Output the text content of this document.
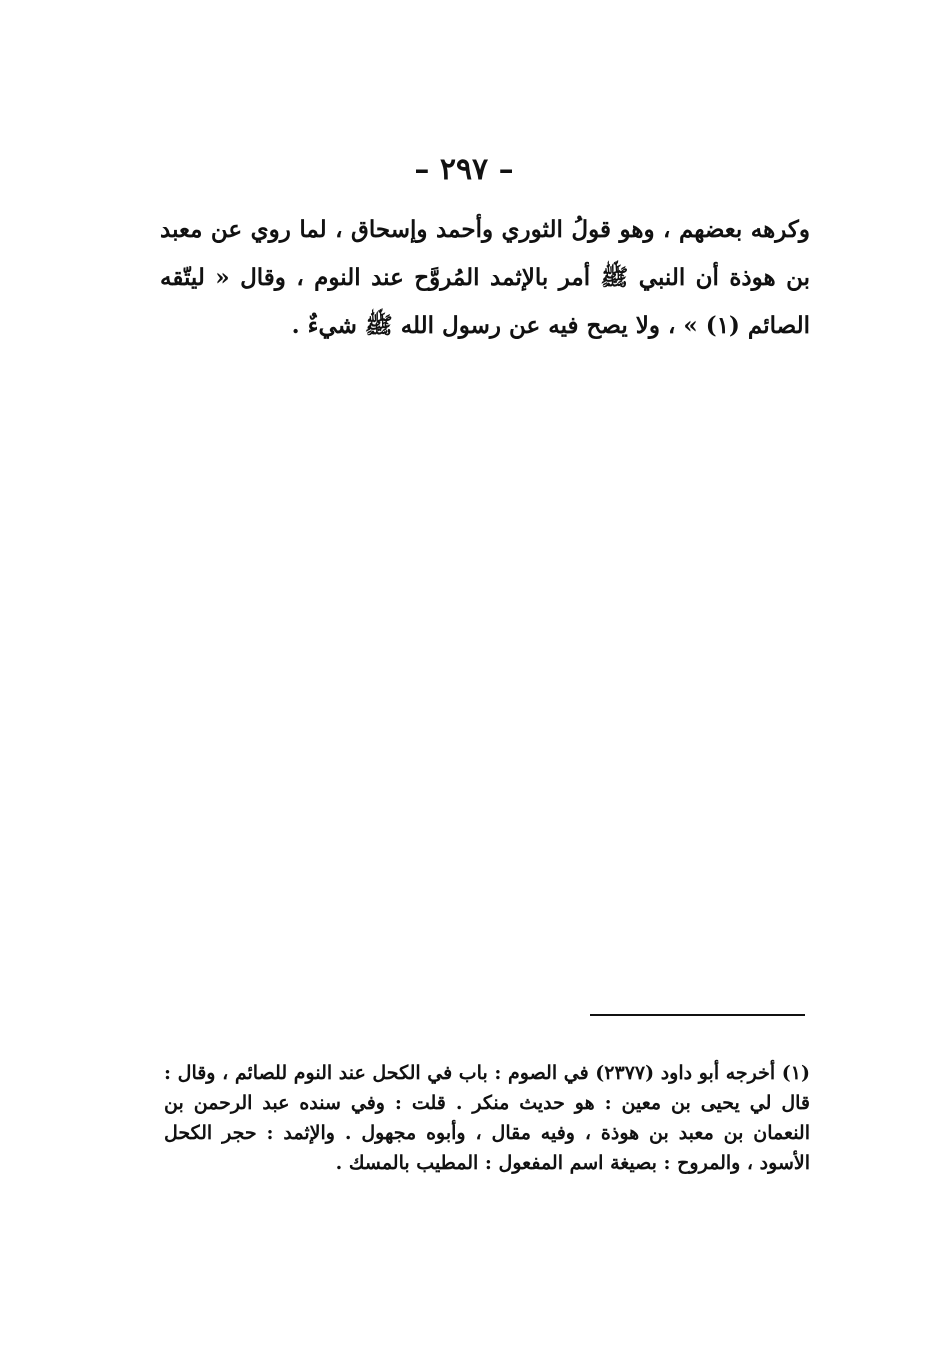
– ٢٩٧ –

وكرهه بعضهم ، وهو قولُ الثوري وأحمد وإسحاق ، لما روي عن معبد بن هوذة أن النبي ﷺ أمر بالإثمد المُروَّح عند النوم ، وقال « ليتّقه الصائم (١) » ، ولا يصح فيه عن رسول الله ﷺ شيءٌ .

(١) أخرجه أبو داود (٢٣٧٧) في الصوم : باب في الكحل عند النوم للصائم ، وقال : قال لي يحيى بن معين : هو حديث منكر . قلت : وفي سنده عبد الرحمن بن النعمان بن معبد بن هوذة ، وفيه مقال ، وأبوه مجهول . والإثمد : حجر الكحل الأسود ، والمروح : بصيغة اسم المفعول : المطيب بالمسك .
